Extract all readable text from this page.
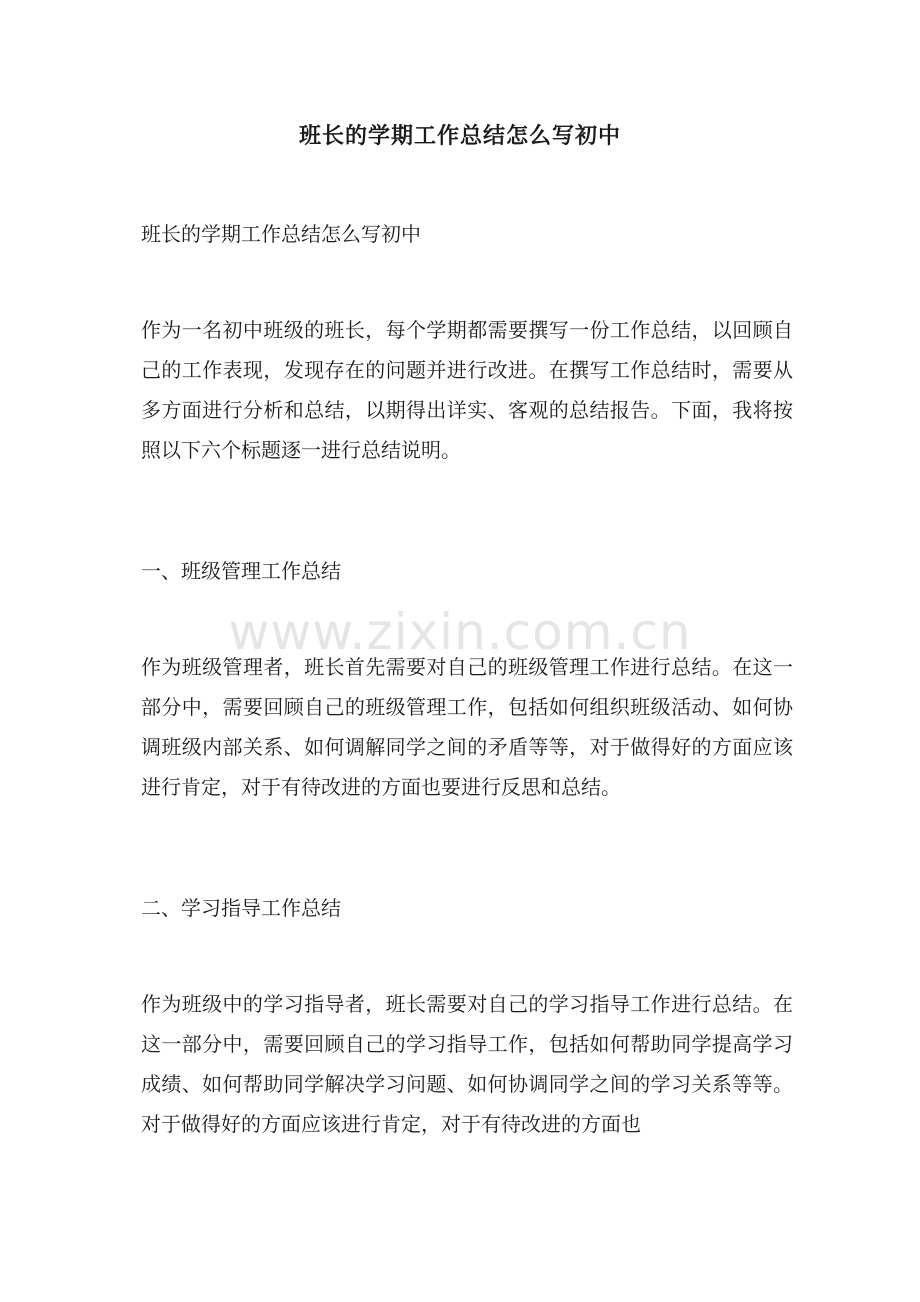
班长的学期工作总结怎么写初中
班长的学期工作总结怎么写初中
作为一名初中班级的班长，每个学期都需要撰写一份工作总结，以回顾自己的工作表现，发现存在的问题并进行改进。在撰写工作总结时，需要从多方面进行分析和总结，以期得出详实、客观的总结报告。下面，我将按照以下六个标题逐一进行总结说明。
一、班级管理工作总结
作为班级管理者，班长首先需要对自己的班级管理工作进行总结。在这一部分中，需要回顾自己的班级管理工作，包括如何组织班级活动、如何协调班级内部关系、如何调解同学之间的矛盾等等，对于做得好的方面应该进行肯定，对于有待改进的方面也要进行反思和总结。
二、学习指导工作总结
作为班级中的学习指导者，班长需要对自己的学习指导工作进行总结。在这一部分中，需要回顾自己的学习指导工作，包括如何帮助同学提高学习成绩、如何帮助同学解决学习问题、如何协调同学之间的学习关系等等。对于做得好的方面应该进行肯定，对于有待改进的方面也
www.zixin.com.cn
